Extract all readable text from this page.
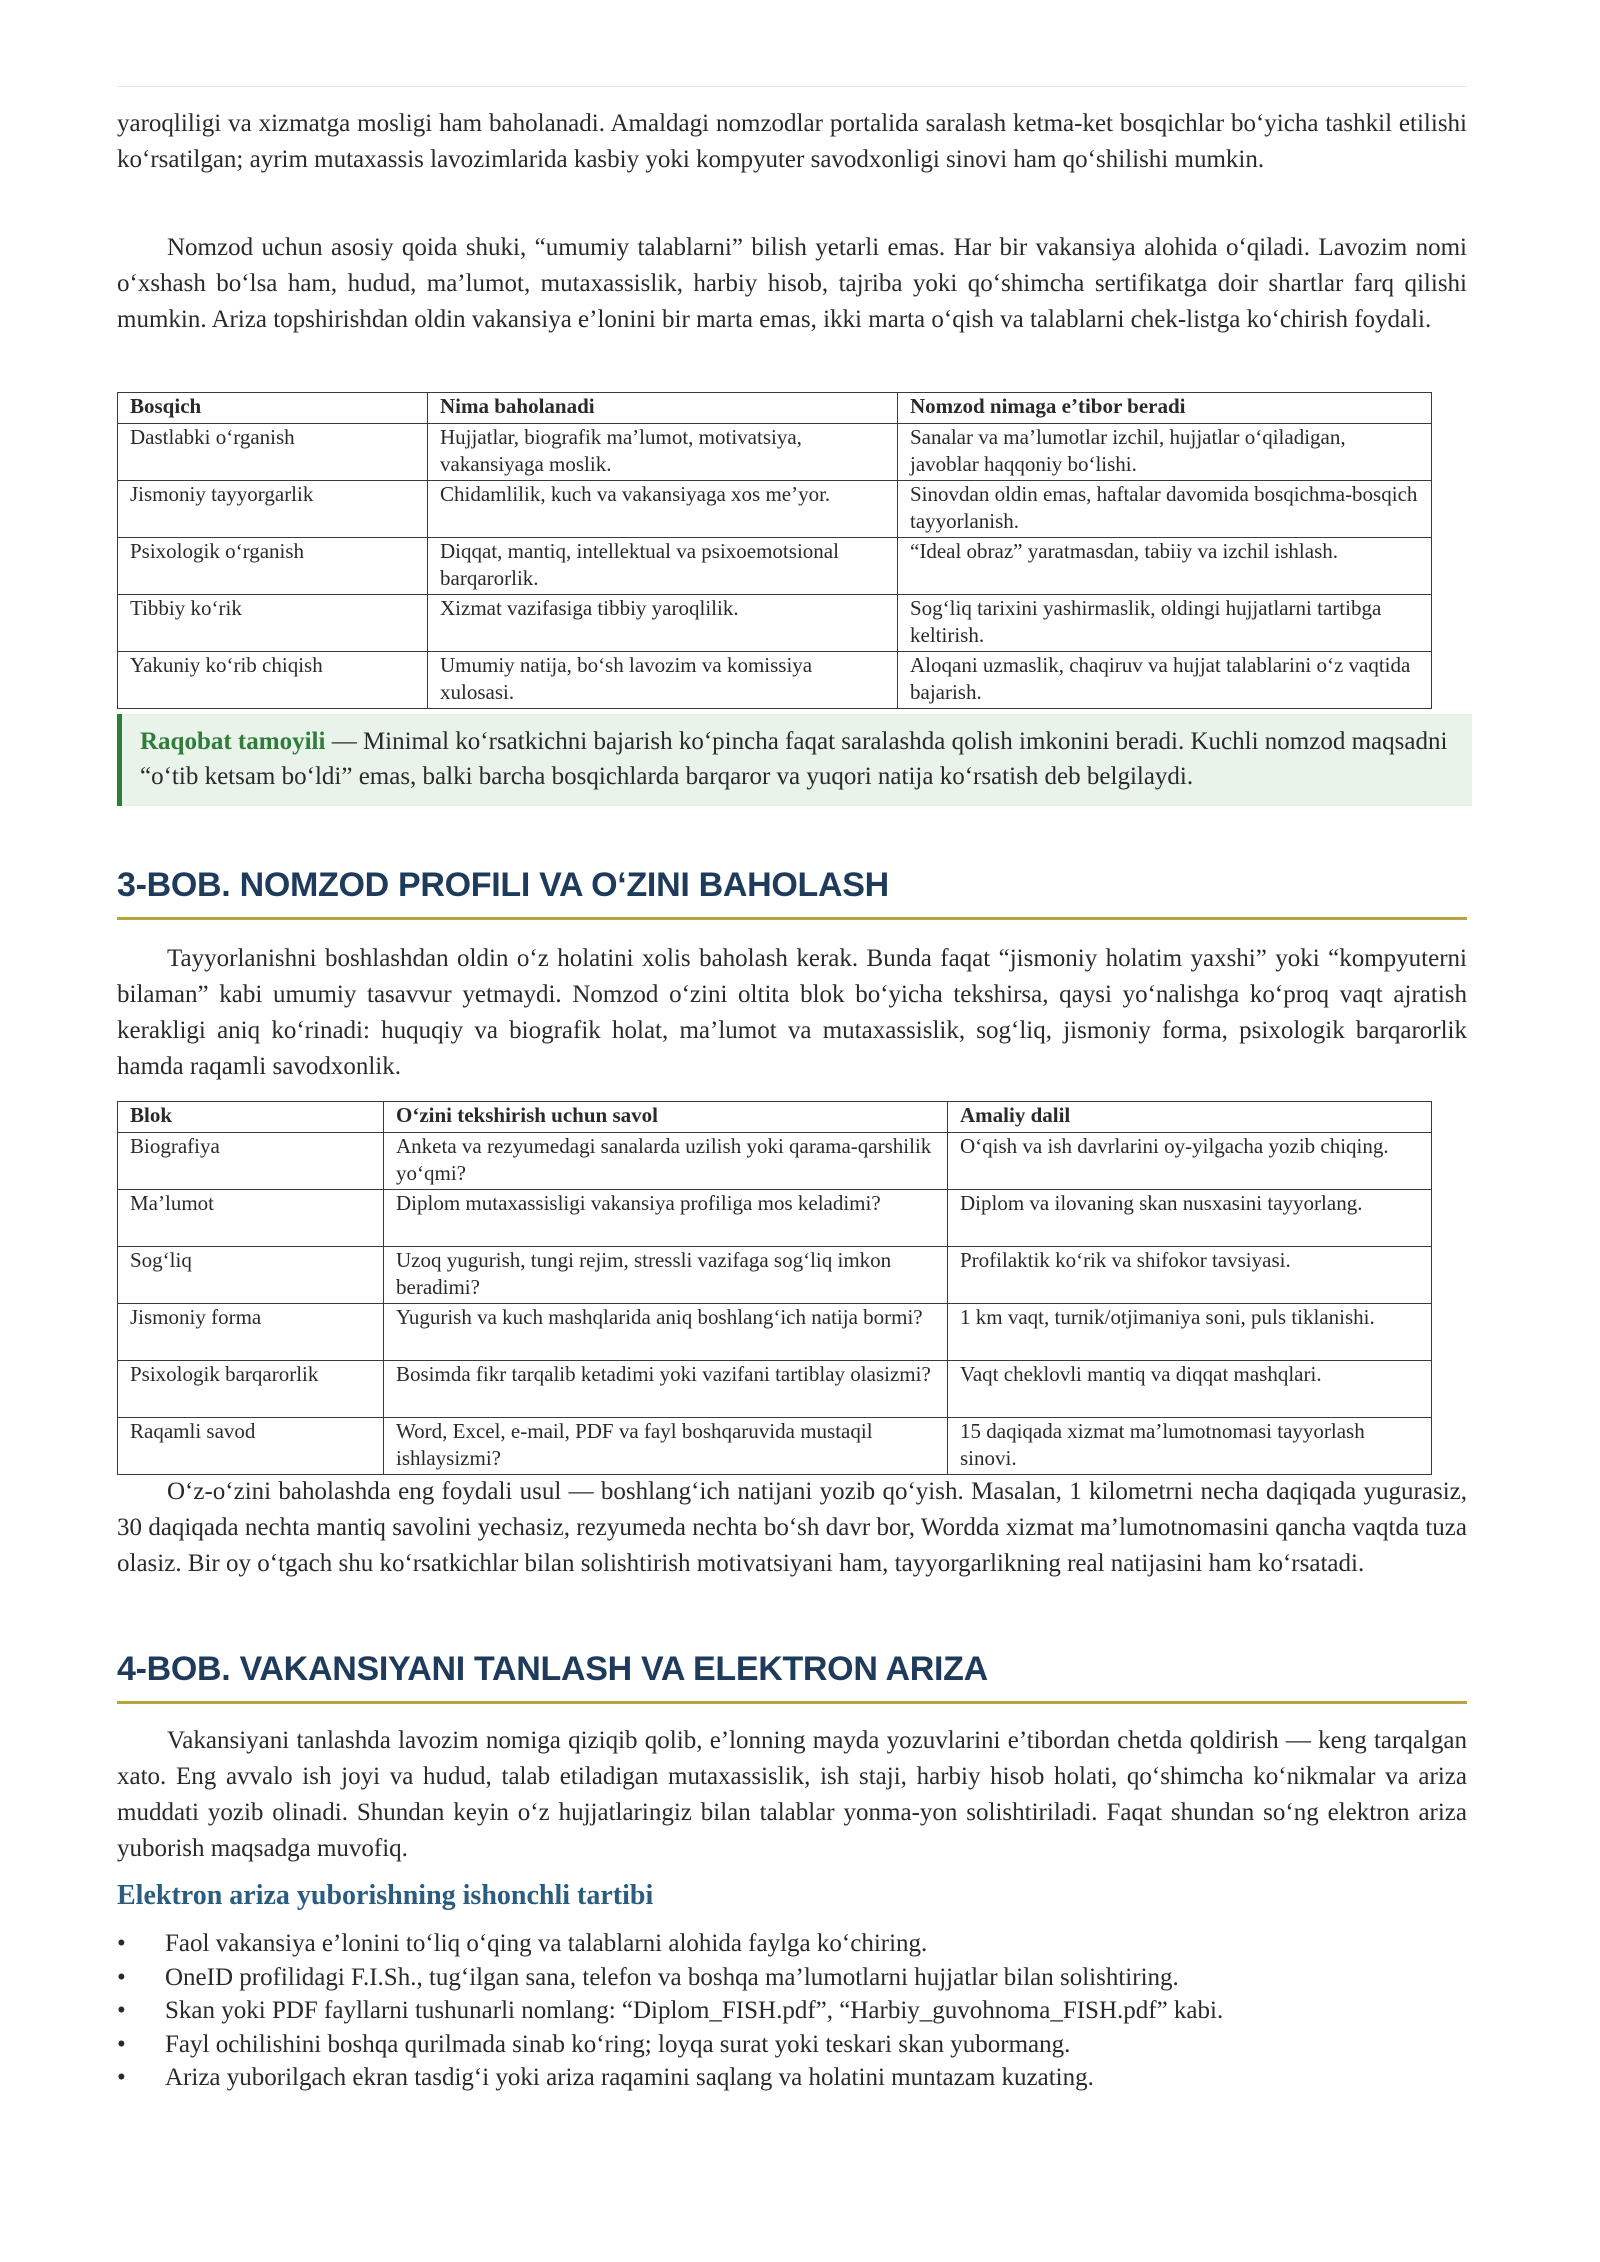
yaroqliligi va xizmatga mosligi ham baholanadi. Amaldagi nomzodlar portalida saralash ketma-ket bosqichlar bo‘yicha tashkil etilishi ko‘rsatilgan; ayrim mutaxassis lavozimlarida kasbiy yoki kompyuter savodxonligi sinovi ham qo‘shilishi mumkin.

Nomzod uchun asosiy qoida shuki, “umumiy talablarni” bilish yetarli emas. Har bir vakansiya alohida o‘qiladi. Lavozim nomi o‘xshash bo‘lsa ham, hudud, ma’lumot, mutaxassislik, harbiy hisob, tajriba yoki qo‘shimcha sertifikatga doir shartlar farq qilishi mumkin. Ariza topshirishdan oldin vakansiya e’lonini bir marta emas, ikki marta o‘qish va talablarni chek-listga ko‘chirish foydali.

Bosqich	Nima baholanadi	Nomzod nimaga e’tibor beradi
Dastlabki o‘rganish	Hujjatlar, biografik ma’lumot, motivatsiya, vakansiyaga moslik.	Sanalar va ma’lumotlar izchil, hujjatlar o‘qiladigan, javoblar haqqoniy bo‘lishi.
Jismoniy tayyorgarlik	Chidamlilik, kuch va vakansiyaga xos me’yor.	Sinovdan oldin emas, haftalar davomida bosqichma-bosqich tayyorlanish.
Psixologik o‘rganish	Diqqat, mantiq, intellektual va psixoemotsional barqarorlik.	“Ideal obraz” yaratmasdan, tabiiy va izchil ishlash.
Tibbiy ko‘rik	Xizmat vazifasiga tibbiy yaroqlilik.	Sog‘liq tarixini yashirmaslik, oldingi hujjatlarni tartibga keltirish.
Yakuniy ko‘rib chiqish	Umumiy natija, bo‘sh lavozim va komissiya xulosasi.	Aloqani uzmaslik, chaqiruv va hujjat talablarini o‘z vaqtida bajarish.
Raqobat tamoyili — Minimal ko‘rsatkichni bajarish ko‘pincha faqat saralashda qolish imkonini beradi. Kuchli nomzod maqsadni “o‘tib ketsam bo‘ldi” emas, balki barcha bosqichlarda barqaror va yuqori natija ko‘rsatish deb belgilaydi.
3-BOB. NOMZOD PROFILI VA O‘ZINI BAHOLASH

Tayyorlanishni boshlashdan oldin o‘z holatini xolis baholash kerak. Bunda faqat “jismoniy holatim yaxshi” yoki “kompyuterni bilaman” kabi umumiy tasavvur yetmaydi. Nomzod o‘zini oltita blok bo‘yicha tekshirsa, qaysi yo‘nalishga ko‘proq vaqt ajratish kerakligi aniq ko‘rinadi: huquqiy va biografik holat, ma’lumot va mutaxassislik, sog‘liq, jismoniy forma, psixologik barqarorlik hamda raqamli savodxonlik.

Blok	O‘zini tekshirish uchun savol	Amaliy dalil
Biografiya	Anketa va rezyumedagi sanalarda uzilish yoki qarama-qarshilik yo‘qmi?	O‘qish va ish davrlarini oy-yilgacha yozib chiqing.
Ma’lumot	Diplom mutaxassisligi vakansiya profiliga mos keladimi?	Diplom va ilovaning skan nusxasini tayyorlang.
Sog‘liq	Uzoq yugurish, tungi rejim, stressli vazifaga sog‘liq imkon beradimi?	Profilaktik ko‘rik va shifokor tavsiyasi.
Jismoniy forma	Yugurish va kuch mashqlarida aniq boshlang‘ich natija bormi?	1 km vaqt, turnik/otjimaniya soni, puls tiklanishi.
Psixologik barqarorlik	Bosimda fikr tarqalib ketadimi yoki vazifani tartiblay olasizmi?	Vaqt cheklovli mantiq va diqqat mashqlari.
Raqamli savod	Word, Excel, e-mail, PDF va fayl boshqaruvida mustaqil ishlaysizmi?	15 daqiqada xizmat ma’lumotnomasi tayyorlash sinovi.

O‘z-o‘zini baholashda eng foydali usul — boshlang‘ich natijani yozib qo‘yish. Masalan, 1 kilometrni necha daqiqada yugurasiz, 30 daqiqada nechta mantiq savolini yechasiz, rezyumeda nechta bo‘sh davr bor, Wordda xizmat ma’lumotnomasini qancha vaqtda tuza olasiz. Bir oy o‘tgach shu ko‘rsatkichlar bilan solishtirish motivatsiyani ham, tayyorgarlikning real natijasini ham ko‘rsatadi.

4-BOB. VAKANSIYANI TANLASH VA ELEKTRON ARIZA

Vakansiyani tanlashda lavozim nomiga qiziqib qolib, e’lonning mayda yozuvlarini e’tibordan chetda qoldirish — keng tarqalgan xato. Eng avvalo ish joyi va hudud, talab etiladigan mutaxassislik, ish staji, harbiy hisob holati, qo‘shimcha ko‘nikmalar va ariza muddati yozib olinadi. Shundan keyin o‘z hujjatlaringiz bilan talablar yonma-yon solishtiriladi. Faqat shundan so‘ng elektron ariza yuborish maqsadga muvofiq.

Elektron ariza yuborishning ishonchli tartibi
• Faol vakansiya e’lonini to‘liq o‘qing va talablarni alohida faylga ko‘chiring.
• OneID profilidagi F.I.Sh., tug‘ilgan sana, telefon va boshqa ma’lumotlarni hujjatlar bilan solishtiring.
• Skan yoki PDF fayllarni tushunarli nomlang: “Diplom_FISH.pdf”, “Harbiy_guvohnoma_FISH.pdf” kabi.
• Fayl ochilishini boshqa qurilmada sinab ko‘ring; loyqa surat yoki teskari skan yubormang.
• Ariza yuborilgach ekran tasdig‘i yoki ariza raqamini saqlang va holatini muntazam kuzating.
